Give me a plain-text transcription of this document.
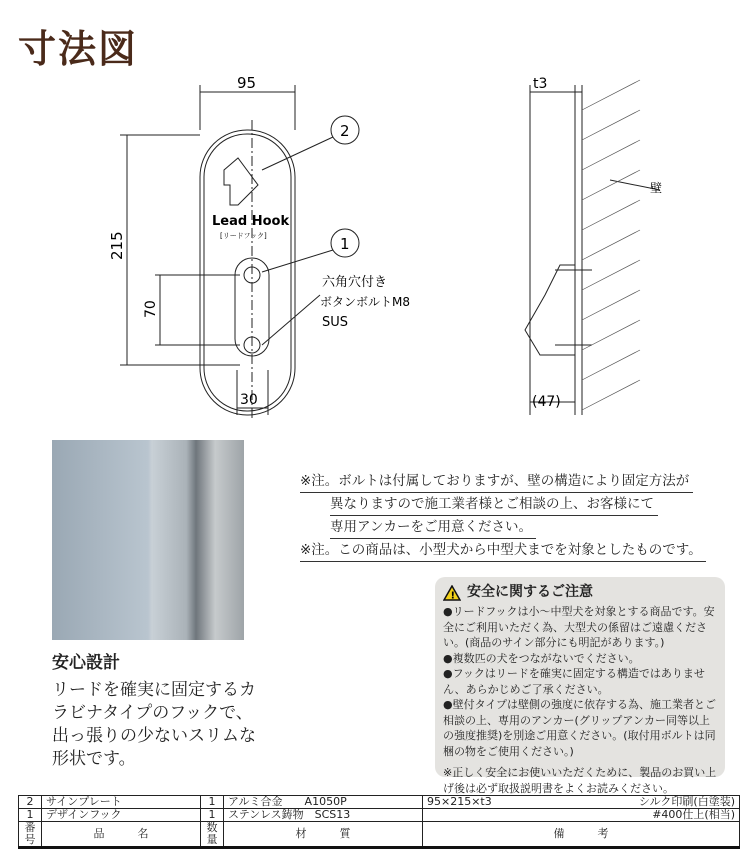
寸法図
95
215
70
30
2
1
六角穴付き
ボタンボルトM8
SUS
Lead Hook
[リードフック]
t3
(47)
壁
※注。ボルトは付属しておりますが、壁の構造により固定方法が
異なりますので施工業者様とご相談の上、お客様にて
専用アンカーをご用意ください。
※注。この商品は、小型犬から中型犬までを対象としたものです。
! 安全に関するご注意

●リードフックは小～中型犬を対象とする商品です。安全にご利用いただく為、大型犬の係留はご遠慮ください。(商品のサイン部分にも明記があります。)

●複数匹の犬をつながないでください。

●フックはリードを確実に固定する構造ではありません、あらかじめご了承ください。

●壁付タイプは壁側の強度に依存する為、施工業者とご相談の上、専用のアンカー(グリップアンカー同等以上の強度推奨)を別途ご用意ください。(取付用ボルトは同梱の物をご使用ください。)

※正しく安全にお使いいただくために、製品のお買い上げ後は必ず取扱説明書をよくお読みください。

安心設計

リードを確実に固定するカラビナタイプのフックで、出っ張りの少ないスリムな形状です。

2	サインプレート	1	アルミ合金　　A1050P	95×215×t3	シルク印刷(白塗装)
1	デザインフック	1	ステンレス鋳物　SCS13		#400仕上(相当)
番号	品　　　名	数量	材　　　質	備　　　考	
